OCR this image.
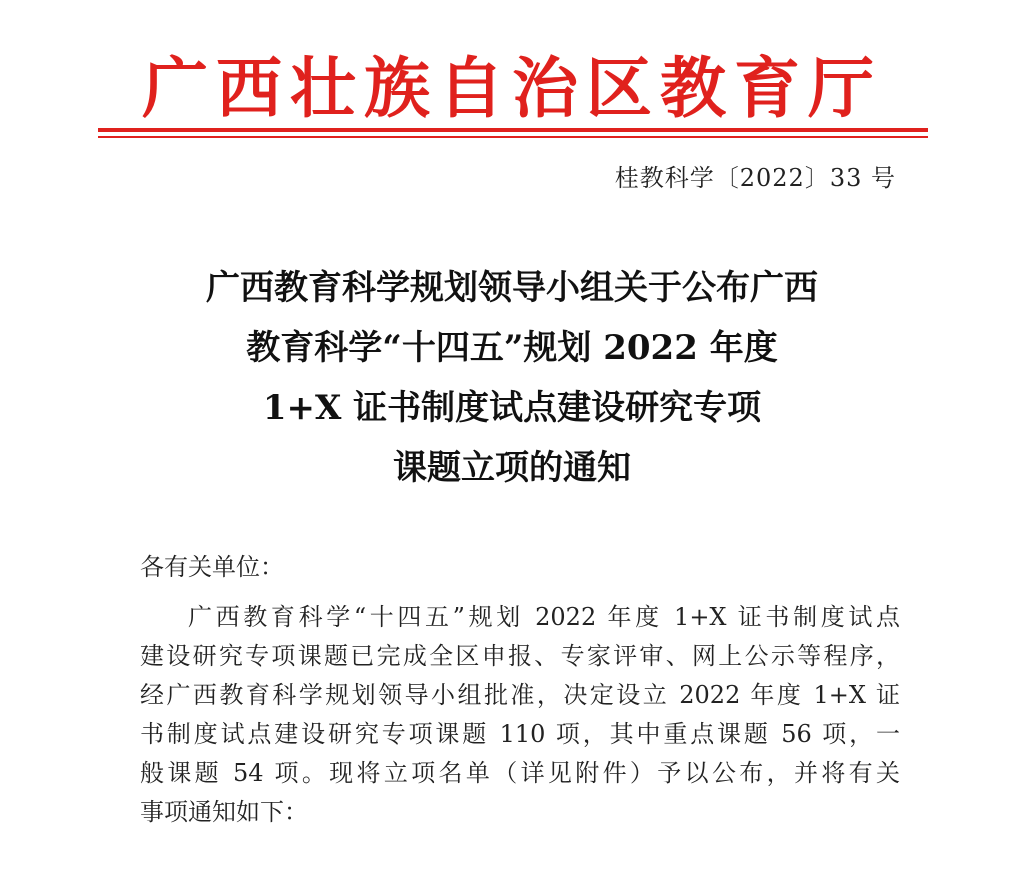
广西壮族自治区教育厅
桂教科学〔2022〕33 号
广西教育科学规划领导小组关于公布广西
教育科学“十四五”规划 2022 年度
1+X 证书制度试点建设研究专项
课题立项的通知
各有关单位：
广西教育科学“十四五”规划 2022 年度 1+X 证书制度试点
建设研究专项课题已完成全区申报、专家评审、网上公示等程序，
经广西教育科学规划领导小组批准，决定设立 2022 年度 1+X 证
书制度试点建设研究专项课题 110 项，其中重点课题 56 项，一
般课题 54 项。现将立项名单（详见附件）予以公布，并将有关
事项通知如下：
